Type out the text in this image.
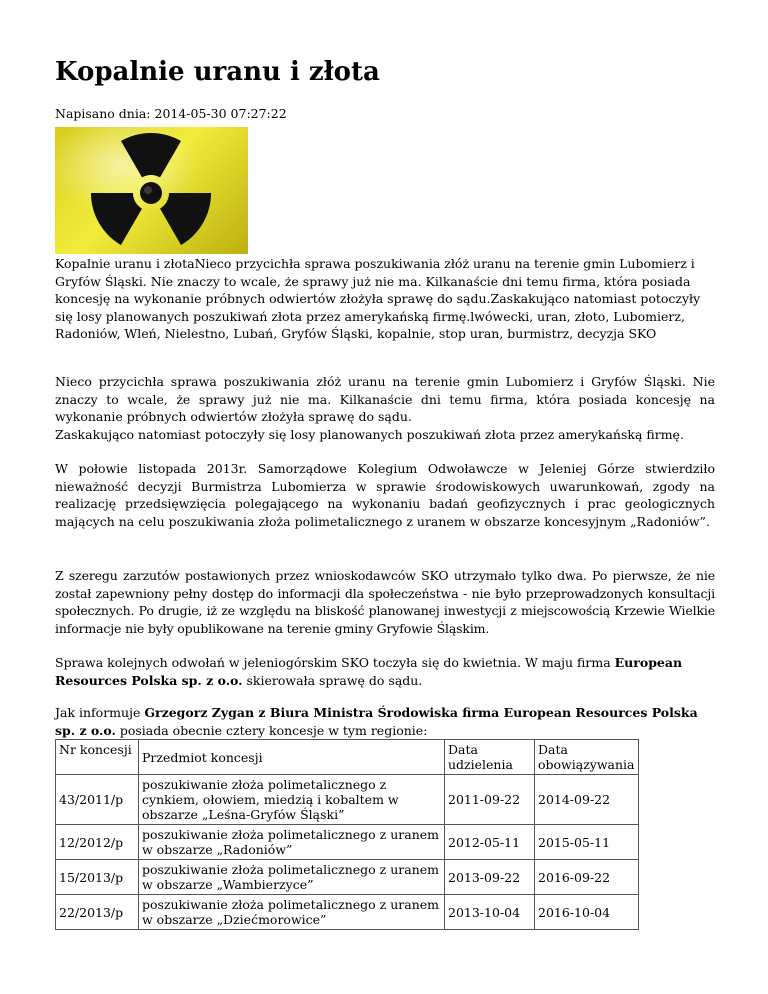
Kopalnie uranu i złota
Napisano dnia: 2014-05-30 07:27:22

Kopalnie uranu i złotaNieco przycichła sprawa poszukiwania złóż uranu na terenie gmin Lubomierz i Gryfów Śląski. Nie znaczy to wcale, że sprawy już nie ma. Kilkanaście dni temu firma, która posiada koncesję na wykonanie próbnych odwiertów złożyła sprawę do sądu.Zaskakująco natomiast potoczyły się losy planowanych poszukiwań złota przez amerykańską firmę.lwówecki, uran, złoto, Lubomierz, Radoniów, Wleń, Nielestno, Lubań, Gryfów Śląski, kopalnie, stop uran, burmistrz, decyzja SKO

Nieco przycichła sprawa poszukiwania złóż uranu na terenie gmin Lubomierz i Gryfów Śląski. Nie znaczy to wcale, że sprawy już nie ma. Kilkanaście dni temu firma, która posiada koncesję na wykonanie próbnych odwiertów złożyła sprawę do sądu.
Zaskakująco natomiast potoczyły się losy planowanych poszukiwań złota przez amerykańską firmę.

W połowie listopada 2013r. Samorządowe Kolegium Odwoławcze w Jeleniej Górze stwierdziło nieważność decyzji Burmistrza Lubomierza w sprawie środowiskowych uwarunkowań, zgody na realizację przedsięwzięcia polegającego na wykonaniu badań geofizycznych i prac geologicznych mających na celu poszukiwania złoża polimetalicznego z uranem w obszarze koncesyjnym „Radoniów”.

Z szeregu zarzutów postawionych przez wnioskodawców SKO utrzymało tylko dwa. Po pierwsze, że nie został zapewniony pełny dostęp do informacji dla społeczeństwa - nie było przeprowadzonych konsultacji społecznych. Po drugie, iż ze względu na bliskość planowanej inwestycji z miejscowością Krzewie Wielkie informacje nie były opublikowane na terenie gminy Gryfowie Śląskim.

Sprawa kolejnych odwołań w jeleniogórskim SKO toczyła się do kwietnia. W maju firma European Resources Polska sp. z o.o. skierowała sprawę do sądu.

Jak informuje Grzegorz Zygan z Biura Ministra Środowiska firma European Resources Polska sp. z o.o. posiada obecnie cztery koncesje w tym regionie:

Nr koncesji	Przedmiot koncesji	Data udzielenia	Data obowiązywania
43/2011/p	poszukiwanie złoża polimetalicznego z cynkiem, ołowiem, miedzią i kobaltem w obszarze „Leśna-Gryfów Śląski”	2011-09-22	2014-09-22
12/2012/p	poszukiwanie złoża polimetalicznego z uranem w obszarze „Radoniów”	2012-05-11	2015-05-11
15/2013/p	poszukiwanie złoża polimetalicznego z uranem w obszarze „Wambierzyce”	2013-09-22	2016-09-22
22/2013/p	poszukiwanie złoża polimetalicznego z uranem w obszarze „Dziećmorowice”	2013-10-04	2016-10-04
